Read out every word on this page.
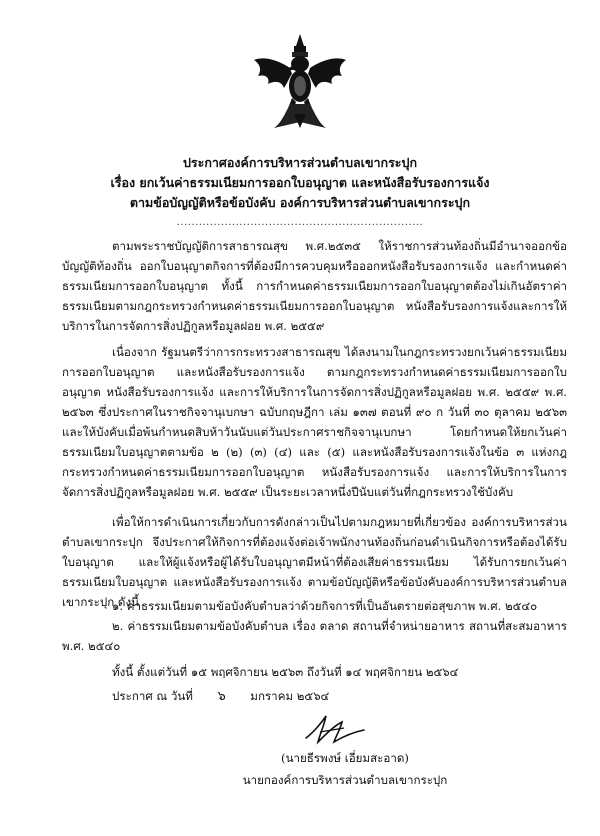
ประกาศองค์การบริหารส่วนตำบลเขากระปุก
เรื่อง ยกเว้นค่าธรรมเนียมการออกใบอนุญาต และหนังสือรับรองการแจ้ง
ตามข้อบัญญัติหรือข้อบังคับ องค์การบริหารส่วนตำบลเขากระปุก
...................................................................

ตามพระราชบัญญัติการสาธารณสุข พ.ศ.๒๕๓๕ ให้ราชการส่วนท้องถิ่นมีอำนาจออกข้อบัญญัติท้องถิ่น ออกใบอนุญาตกิจการที่ต้องมีการควบคุมหรือออกหนังสือรับรองการแจ้ง และกำหนดค่าธรรมเนียมการออกใบอนุญาต ทั้งนี้ การกำหนดค่าธรรมเนียมการออกใบอนุญาตต้องไม่เกินอัตราค่าธรรมเนียมตามกฎกระทรวงกำหนดค่าธรรมเนียมการออกใบอนุญาต หนังสือรับรองการแจ้งและการให้บริการในการจัดการสิ่งปฏิกูลหรือมูลฝอย พ.ศ. ๒๕๕๙

เนื่องจาก รัฐมนตรีว่าการกระทรวงสาธารณสุข ได้ลงนามในกฎกระทรวงยกเว้นค่าธรรมเนียมการออกใบอนุญาต และหนังสือรับรองการแจ้ง ตามกฎกระทรวงกำหนดค่าธรรมเนียมการออกใบอนุญาต หนังสือรับรองการแจ้ง และการให้บริการในการจัดการสิ่งปฏิกูลหรือมูลฝอย พ.ศ. ๒๕๕๙ พ.ศ. ๒๕๖๓ ซึ่งประกาศในราชกิจจานุเบกษา ฉบับกฤษฎีกา เล่ม ๑๓๗ ตอนที่ ๙๐ ก วันที่ ๓๐ ตุลาคม ๒๕๖๓ และให้บังคับเมื่อพ้นกำหนดสิบห้าวันนับแต่วันประกาศราชกิจจานุเบกษา โดยกำหนดให้ยกเว้นค่าธรรมเนียมใบอนุญาตตามข้อ ๒ (๒) (๓) (๔) และ (๕) และหนังสือรับรองการแจ้งในข้อ ๓ แห่งกฎกระทรวงกำหนดค่าธรรมเนียมการออกใบอนุญาต หนังสือรับรองการแจ้ง และการให้บริการในการจัดการสิ่งปฏิกูลหรือมูลฝอย พ.ศ. ๒๕๕๙ เป็นระยะเวลาหนึ่งปีนับแต่วันที่กฎกระทรวงใช้บังคับ

เพื่อให้การดำเนินการเกี่ยวกับการดังกล่าวเป็นไปตามกฎหมายที่เกี่ยวข้อง องค์การบริหารส่วนตำบลเขากระปุก จึงประกาศให้กิจการที่ต้องแจ้งต่อเจ้าพนักงานท้องถิ่นก่อนดำเนินกิจการหรือต้องได้รับใบอนุญาต และให้ผู้แจ้งหรือผู้ได้รับใบอนุญาตมีหน้าที่ต้องเสียค่าธรรมเนียม ได้รับการยกเว้นค่าธรรมเนียมใบอนุญาต และหนังสือรับรองการแจ้ง ตามข้อบัญญัติหรือข้อบังคับองค์การบริหารส่วนตำบลเขากระปุก ดังนี้

๑. ค่าธรรมเนียมตามข้อบังคับตำบลว่าด้วยกิจการที่เป็นอันตรายต่อสุขภาพ พ.ศ. ๒๕๔๐

๒. ค่าธรรมเนียมตามข้อบังคับตำบล เรื่อง ตลาด สถานที่จำหน่ายอาหาร สถานที่สะสมอาหาร พ.ศ. ๒๕๔๐

ทั้งนี้ ตั้งแต่วันที่ ๑๕ พฤศจิกายน ๒๕๖๓ ถึงวันที่ ๑๔ พฤศจิกายน ๒๕๖๔
ประกาศ ณ วันที่ ๖ มกราคม ๒๕๖๔
(นายธีรพงษ์ เอี่ยมสะอาด)
นายกองค์การบริหารส่วนตำบลเขากระปุก
